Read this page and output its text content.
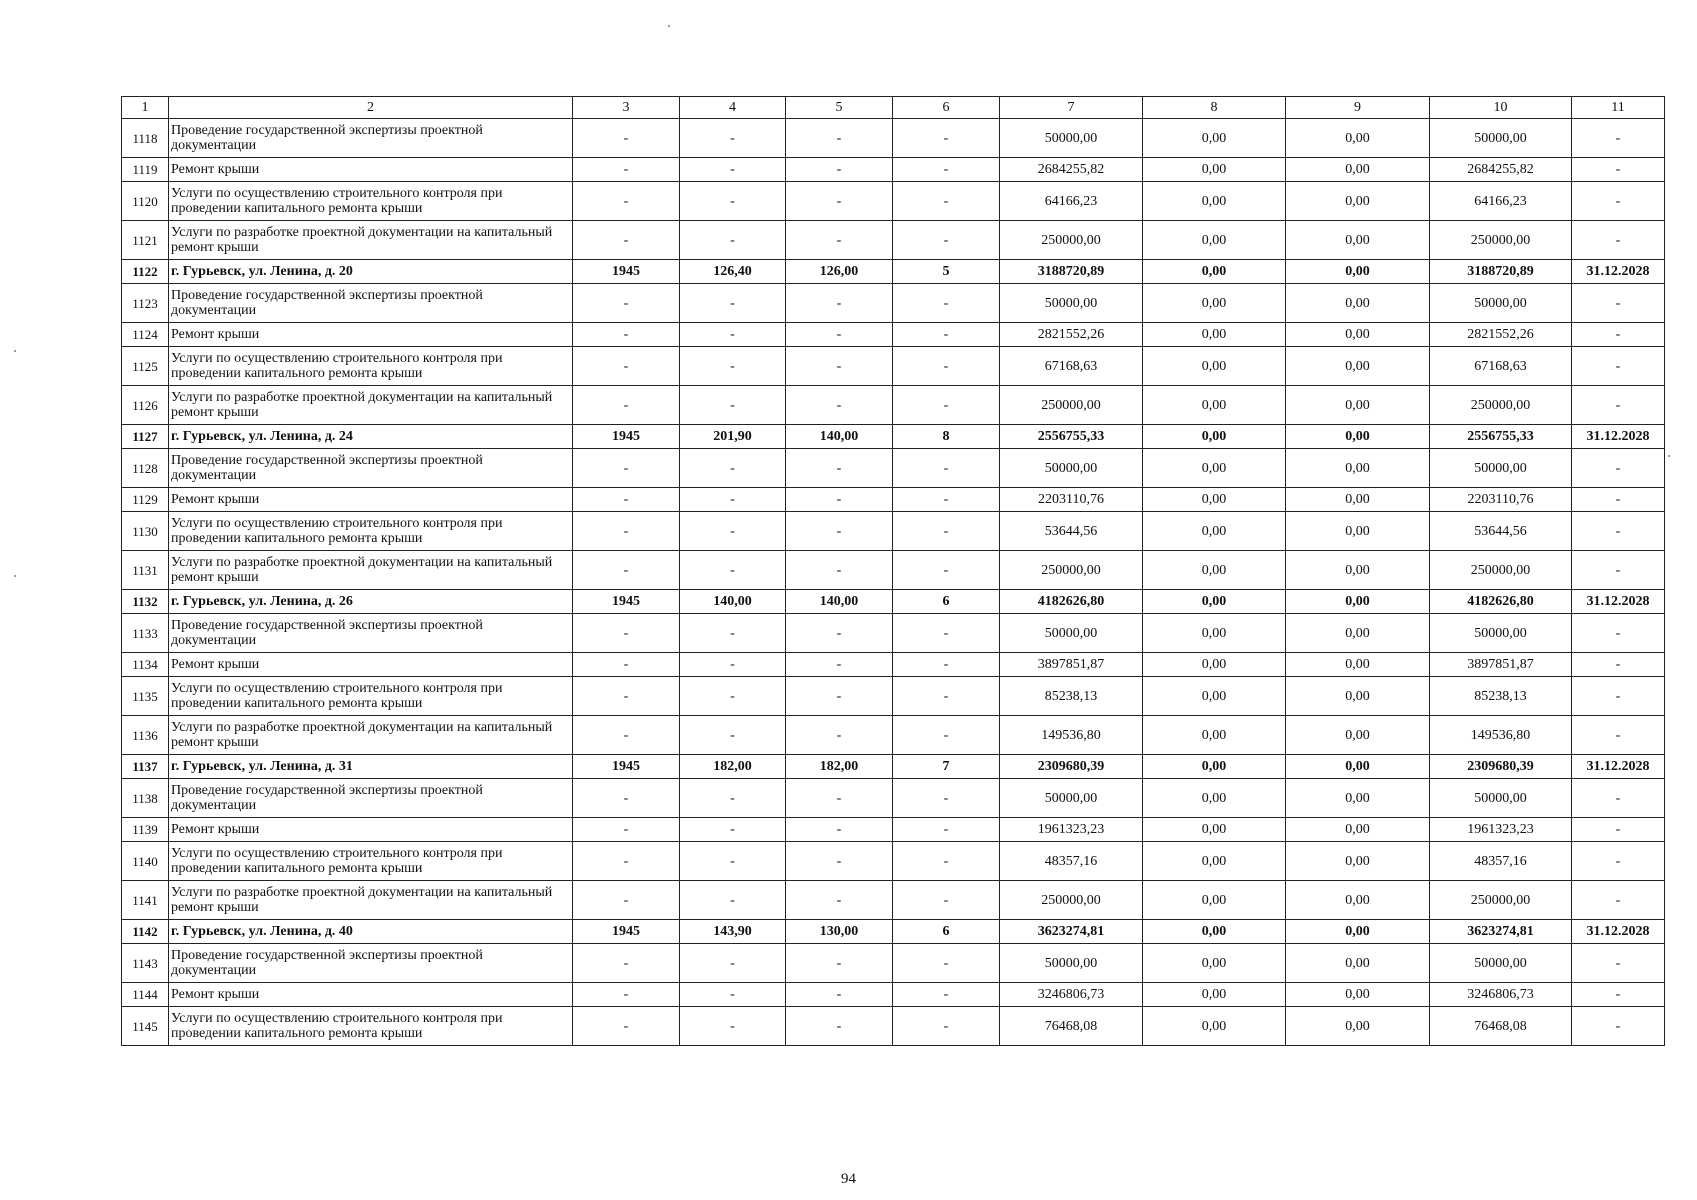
1	2	3	4	5	6	7	8	9	10	11
1118	Проведение государственной экспертизы проектной документации	-	-	-	-	50000,00	0,00	0,00	50000,00	-
1119	Ремонт крыши	-	-	-	-	2684255,82	0,00	0,00	2684255,82	-
1120	Услуги по осуществлению строительного контроля при проведении капитального ремонта крыши	-	-	-	-	64166,23	0,00	0,00	64166,23	-
1121	Услуги по разработке проектной документации на капитальный ремонт крыши	-	-	-	-	250000,00	0,00	0,00	250000,00	-
1122	г. Гурьевск, ул. Ленина, д. 20	1945	126,40	126,00	5	3188720,89	0,00	0,00	3188720,89	31.12.2028
1123	Проведение государственной экспертизы проектной документации	-	-	-	-	50000,00	0,00	0,00	50000,00	-
1124	Ремонт крыши	-	-	-	-	2821552,26	0,00	0,00	2821552,26	-
1125	Услуги по осуществлению строительного контроля при проведении капитального ремонта крыши	-	-	-	-	67168,63	0,00	0,00	67168,63	-
1126	Услуги по разработке проектной документации на капитальный ремонт крыши	-	-	-	-	250000,00	0,00	0,00	250000,00	-
1127	г. Гурьевск, ул. Ленина, д. 24	1945	201,90	140,00	8	2556755,33	0,00	0,00	2556755,33	31.12.2028
1128	Проведение государственной экспертизы проектной документации	-	-	-	-	50000,00	0,00	0,00	50000,00	-
1129	Ремонт крыши	-	-	-	-	2203110,76	0,00	0,00	2203110,76	-
1130	Услуги по осуществлению строительного контроля при проведении капитального ремонта крыши	-	-	-	-	53644,56	0,00	0,00	53644,56	-
1131	Услуги по разработке проектной документации на капитальный ремонт крыши	-	-	-	-	250000,00	0,00	0,00	250000,00	-
1132	г. Гурьевск, ул. Ленина, д. 26	1945	140,00	140,00	6	4182626,80	0,00	0,00	4182626,80	31.12.2028
1133	Проведение государственной экспертизы проектной документации	-	-	-	-	50000,00	0,00	0,00	50000,00	-
1134	Ремонт крыши	-	-	-	-	3897851,87	0,00	0,00	3897851,87	-
1135	Услуги по осуществлению строительного контроля при проведении капитального ремонта крыши	-	-	-	-	85238,13	0,00	0,00	85238,13	-
1136	Услуги по разработке проектной документации на капитальный ремонт крыши	-	-	-	-	149536,80	0,00	0,00	149536,80	-
1137	г. Гурьевск, ул. Ленина, д. 31	1945	182,00	182,00	7	2309680,39	0,00	0,00	2309680,39	31.12.2028
1138	Проведение государственной экспертизы проектной документации	-	-	-	-	50000,00	0,00	0,00	50000,00	-
1139	Ремонт крыши	-	-	-	-	1961323,23	0,00	0,00	1961323,23	-
1140	Услуги по осуществлению строительного контроля при проведении капитального ремонта крыши	-	-	-	-	48357,16	0,00	0,00	48357,16	-
1141	Услуги по разработке проектной документации на капитальный ремонт крыши	-	-	-	-	250000,00	0,00	0,00	250000,00	-
1142	г. Гурьевск, ул. Ленина, д. 40	1945	143,90	130,00	6	3623274,81	0,00	0,00	3623274,81	31.12.2028
1143	Проведение государственной экспертизы проектной документации	-	-	-	-	50000,00	0,00	0,00	50000,00	-
1144	Ремонт крыши	-	-	-	-	3246806,73	0,00	0,00	3246806,73	-
1145	Услуги по осуществлению строительного контроля при проведении капитального ремонта крыши	-	-	-	-	76468,08	0,00	0,00	76468,08	-
94
